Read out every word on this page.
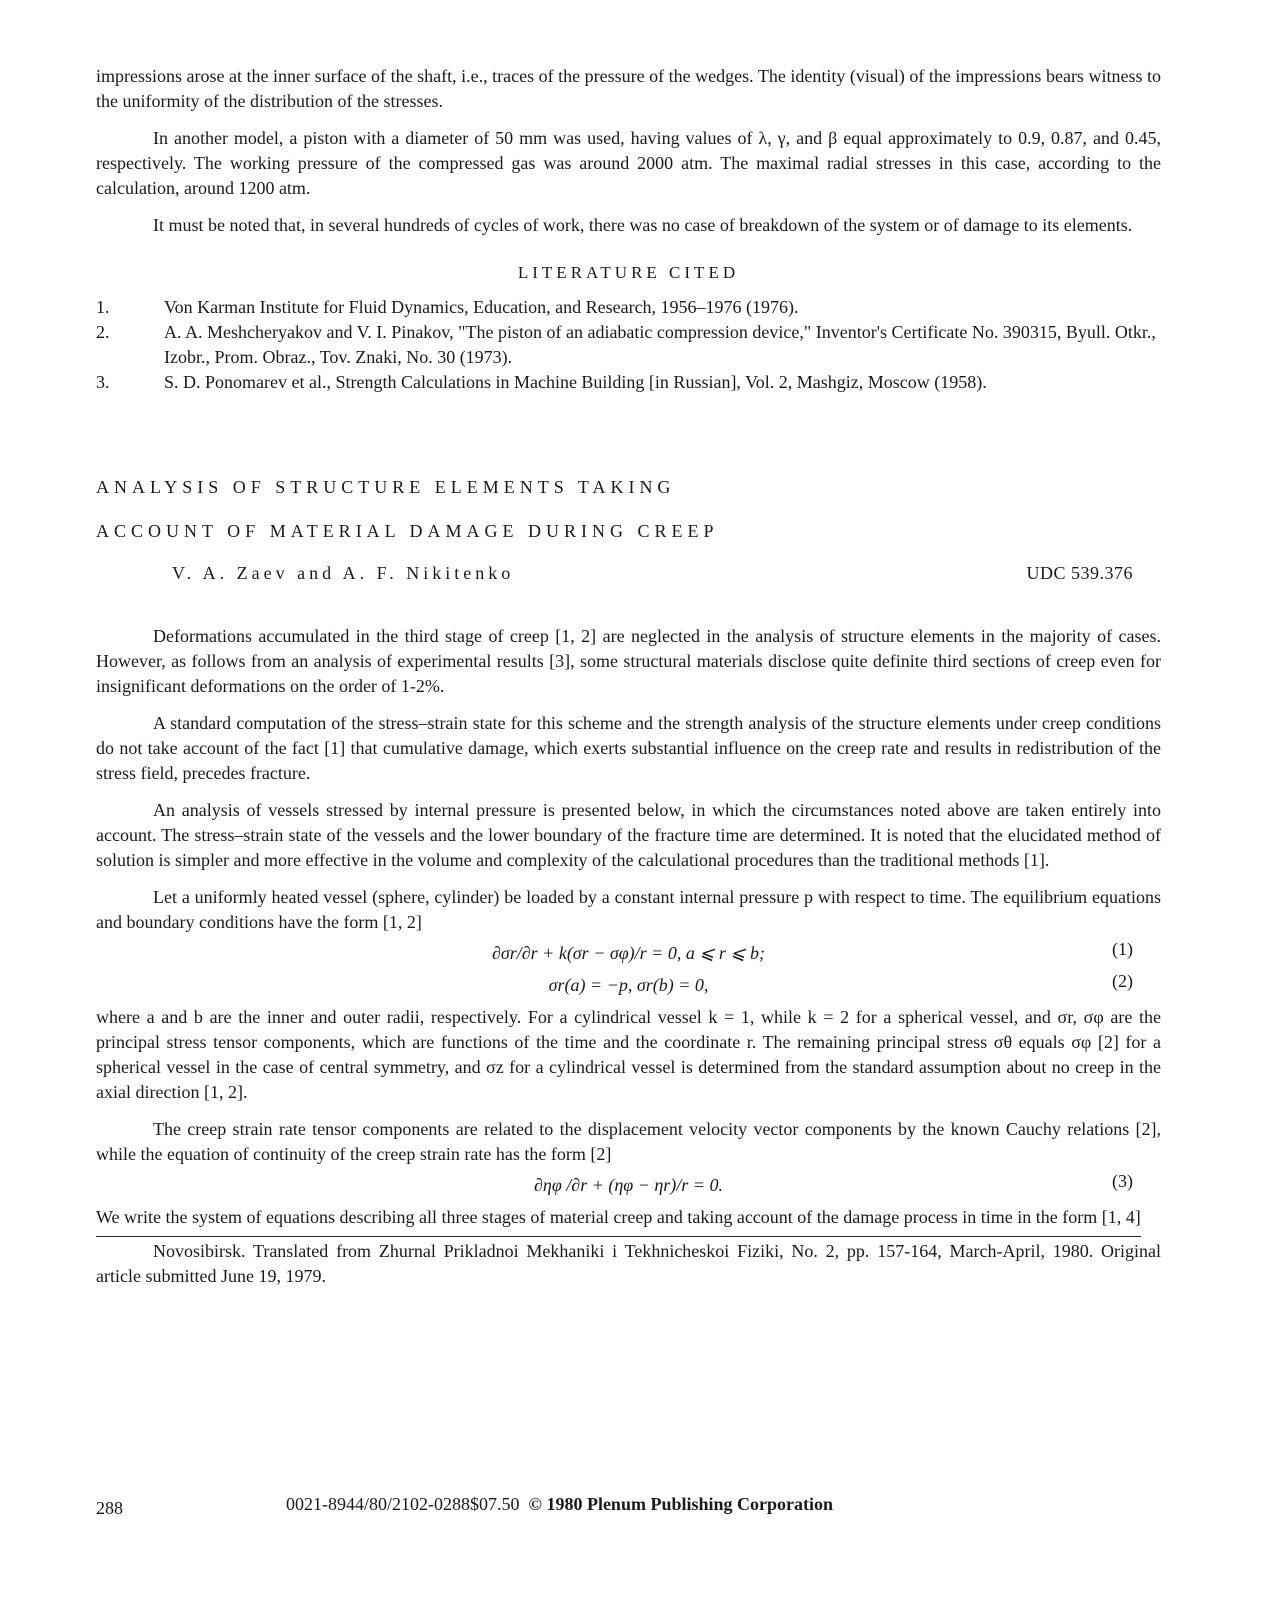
impressions arose at the inner surface of the shaft, i.e., traces of the pressure of the wedges. The identity (visual) of the impressions bears witness to the uniformity of the distribution of the stresses.

In another model, a piston with a diameter of 50 mm was used, having values of λ, γ, and β equal approximately to 0.9, 0.87, and 0.45, respectively. The working pressure of the compressed gas was around 2000 atm. The maximal radial stresses in this case, according to the calculation, around 1200 atm.

It must be noted that, in several hundreds of cycles of work, there was no case of breakdown of the system or of damage to its elements.

LITERATURE CITED
1.	Von Karman Institute for Fluid Dynamics, Education, and Research, 1956–1976 (1976).
2.	A. A. Meshcheryakov and V. I. Pinakov, "The piston of an adiabatic compression device," Inventor's Certificate No. 390315, Byull. Otkr., Izobr., Prom. Obraz., Tov. Znaki, No. 30 (1973).
3.	S. D. Ponomarev et al., Strength Calculations in Machine Building [in Russian], Vol. 2, Mashgiz, Moscow (1958).
ANALYSIS OF STRUCTURE ELEMENTS TAKING
ACCOUNT OF MATERIAL DAMAGE DURING CREEP
V. A. Zaev and A. F. Nikitenko	UDC 539.376

Deformations accumulated in the third stage of creep [1, 2] are neglected in the analysis of structure elements in the majority of cases. However, as follows from an analysis of experimental results [3], some structural materials disclose quite definite third sections of creep even for insignificant deformations on the order of 1-2%.

A standard computation of the stress–strain state for this scheme and the strength analysis of the structure elements under creep conditions do not take account of the fact [1] that cumulative damage, which exerts substantial influence on the creep rate and results in redistribution of the stress field, precedes fracture.

An analysis of vessels stressed by internal pressure is presented below, in which the circumstances noted above are taken entirely into account. The stress–strain state of the vessels and the lower boundary of the fracture time are determined. It is noted that the elucidated method of solution is simpler and more effective in the volume and complexity of the calculational procedures than the traditional methods [1].

Let a uniformly heated vessel (sphere, cylinder) be loaded by a constant internal pressure p with respect to time. The equilibrium equations and boundary conditions have the form [1, 2]

∂σr/∂r + k(σr − σφ)/r = 0, a ⩽ r ⩽ b;	(1)
σr(a) = −p, σr(b) = 0,	(2)

where a and b are the inner and outer radii, respectively. For a cylindrical vessel k = 1, while k = 2 for a spherical vessel, and σr, σφ are the principal stress tensor components, which are functions of the time and the coordinate r. The remaining principal stress σθ equals σφ [2] for a spherical vessel in the case of central symmetry, and σz for a cylindrical vessel is determined from the standard assumption about no creep in the axial direction [1, 2].

The creep strain rate tensor components are related to the displacement velocity vector components by the known Cauchy relations [2], while the equation of continuity of the creep strain rate has the form [2]

∂ηφ /∂r + (ηφ − ηr)/r = 0.	(3)

We write the system of equations describing all three stages of material creep and taking account of the damage process in time in the form [1, 4]

Novosibirsk. Translated from Zhurnal Prikladnoi Mekhaniki i Tekhnicheskoi Fiziki, No. 2, pp. 157-164, March-April, 1980. Original article submitted June 19, 1979.

288	0021-8944/80/2102-0288$07.50 © 1980 Plenum Publishing Corporation
